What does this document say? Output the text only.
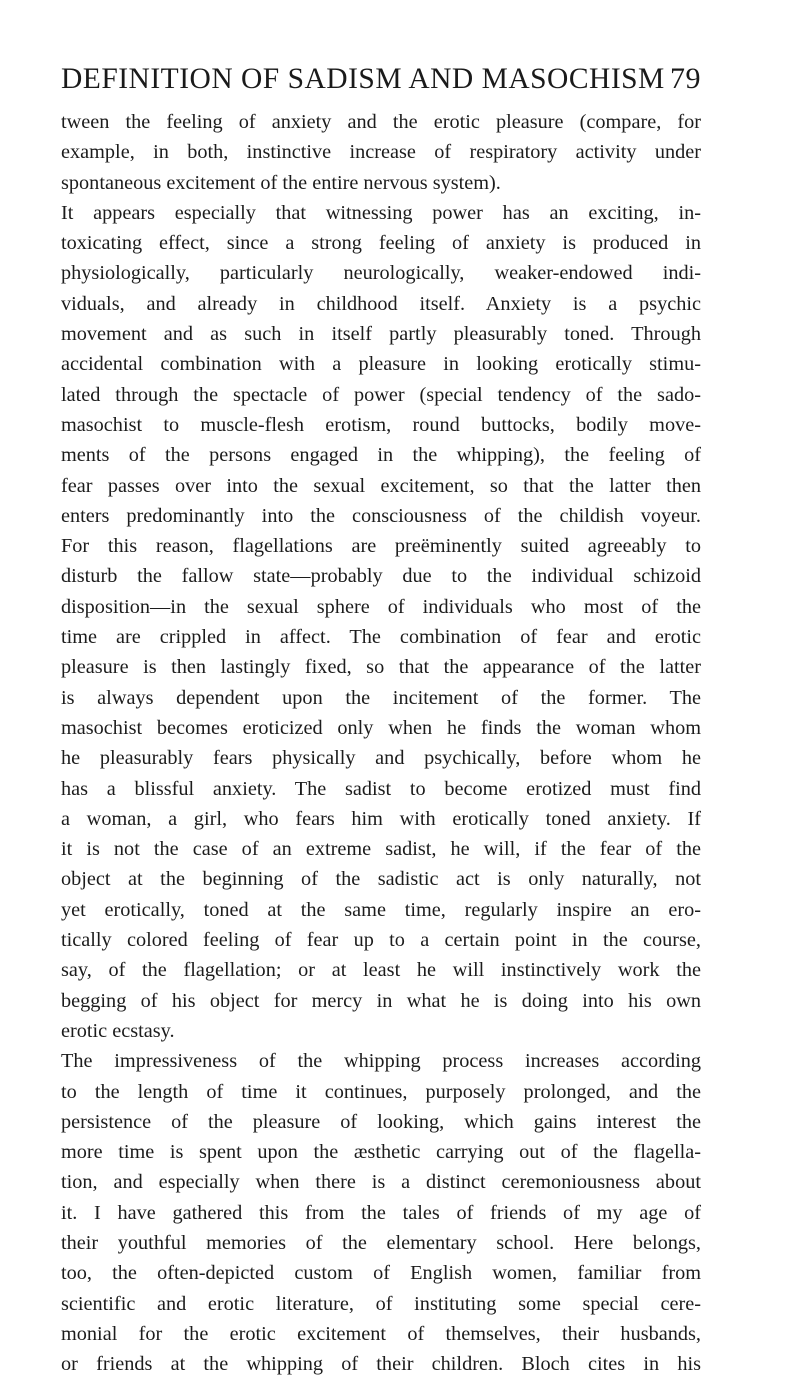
DEFINITION OF SADISM AND MASOCHISM 79
tween the feeling of anxiety and the erotic pleasure (compare, for
example, in both, instinctive increase of respiratory activity under
spontaneous excitement of the entire nervous system).
It appears especially that witnessing power has an exciting, in-
toxicating effect, since a strong feeling of anxiety is produced in
physiologically, particularly neurologically, weaker-endowed indi-
viduals, and already in childhood itself. Anxiety is a psychic
movement and as such in itself partly pleasurably toned. Through
accidental combination with a pleasure in looking erotically stimu-
lated through the spectacle of power (special tendency of the sado-
masochist to muscle-flesh erotism, round buttocks, bodily move-
ments of the persons engaged in the whipping), the feeling of
fear passes over into the sexual excitement, so that the latter then
enters predominantly into the consciousness of the childish voyeur.
For this reason, flagellations are preëminently suited agreeably to
disturb the fallow state—probably due to the individual schizoid
disposition—in the sexual sphere of individuals who most of the
time are crippled in affect. The combination of fear and erotic
pleasure is then lastingly fixed, so that the appearance of the latter
is always dependent upon the incitement of the former. The
masochist becomes eroticized only when he finds the woman whom
he pleasurably fears physically and psychically, before whom he
has a blissful anxiety. The sadist to become erotized must find
a woman, a girl, who fears him with erotically toned anxiety. If
it is not the case of an extreme sadist, he will, if the fear of the
object at the beginning of the sadistic act is only naturally, not
yet erotically, toned at the same time, regularly inspire an ero-
tically colored feeling of fear up to a certain point in the course,
say, of the flagellation; or at least he will instinctively work the
begging of his object for mercy in what he is doing into his own
erotic ecstasy.
The impressiveness of the whipping process increases according
to the length of time it continues, purposely prolonged, and the
persistence of the pleasure of looking, which gains interest the
more time is spent upon the æsthetic carrying out of the flagella-
tion, and especially when there is a distinct ceremoniousness about
it. I have gathered this from the tales of friends of my age of
their youthful memories of the elementary school. Here belongs,
too, the often-depicted custom of English women, familiar from
scientific and erotic literature, of instituting some special cere-
monial for the erotic excitement of themselves, their husbands,
or friends at the whipping of their children. Bloch cites in his
